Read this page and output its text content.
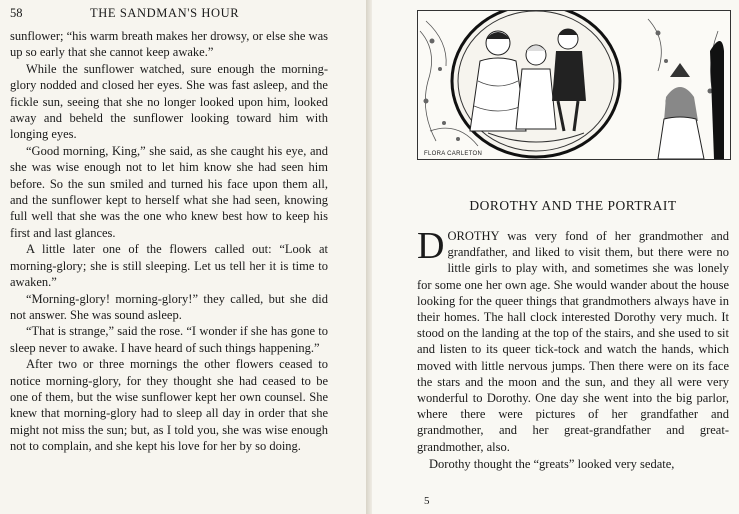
58	THE SANDMAN'S HOUR

sunflower; “his warm breath makes her drowsy, or else she was up so early that she cannot keep awake.”

While the sunflower watched, sure enough the morning-glory nodded and closed her eyes. She was fast asleep, and the fickle sun, seeing that she no longer looked upon him, looked away and beheld the sunflower looking toward him with longing eyes.

“Good morning, King,” she said, as she caught his eye, and she was wise enough not to let him know she had seen him before. So the sun smiled and turned his face upon them all, and the sunflower kept to herself what she had seen, knowing full well that she was the one who knew best how to keep his first and last glances.

A little later one of the flowers called out: “Look at morning-glory; she is still sleeping. Let us tell her it is time to awaken.”

“Morning-glory! morning-glory!” they called, but she did not answer. She was sound asleep.

“That is strange,” said the rose. “I wonder if she has gone to sleep never to awake. I have heard of such things happening.”

After two or three mornings the other flowers ceased to notice morning-glory, for they thought she had ceased to be one of them, but the wise sunflower kept her own counsel. She knew that morning-glory had to sleep all day in order that she might not miss the sun; but, as I told you, she was wise enough not to complain, and she kept his love for her by so doing.

FLORA CARLETON
DOROTHY AND THE PORTRAIT

DOROTHY was very fond of her grandmother and grandfather, and liked to visit them, but there were no little girls to play with, and sometimes she was lonely for some one her own age. She would wander about the house looking for the queer things that grandmothers always have in their homes. The hall clock interested Dorothy very much. It stood on the landing at the top of the stairs, and she used to sit and listen to its queer tick-tock and watch the hands, which moved with little nervous jumps. Then there were on its face the stars and the moon and the sun, and they all were very wonderful to Dorothy. One day she went into the big parlor, where there were pictures of her grandfather and grandmother, and her great-grandfather and great-grandmother, also.

Dorothy thought the “greats” looked very sedate,

5
